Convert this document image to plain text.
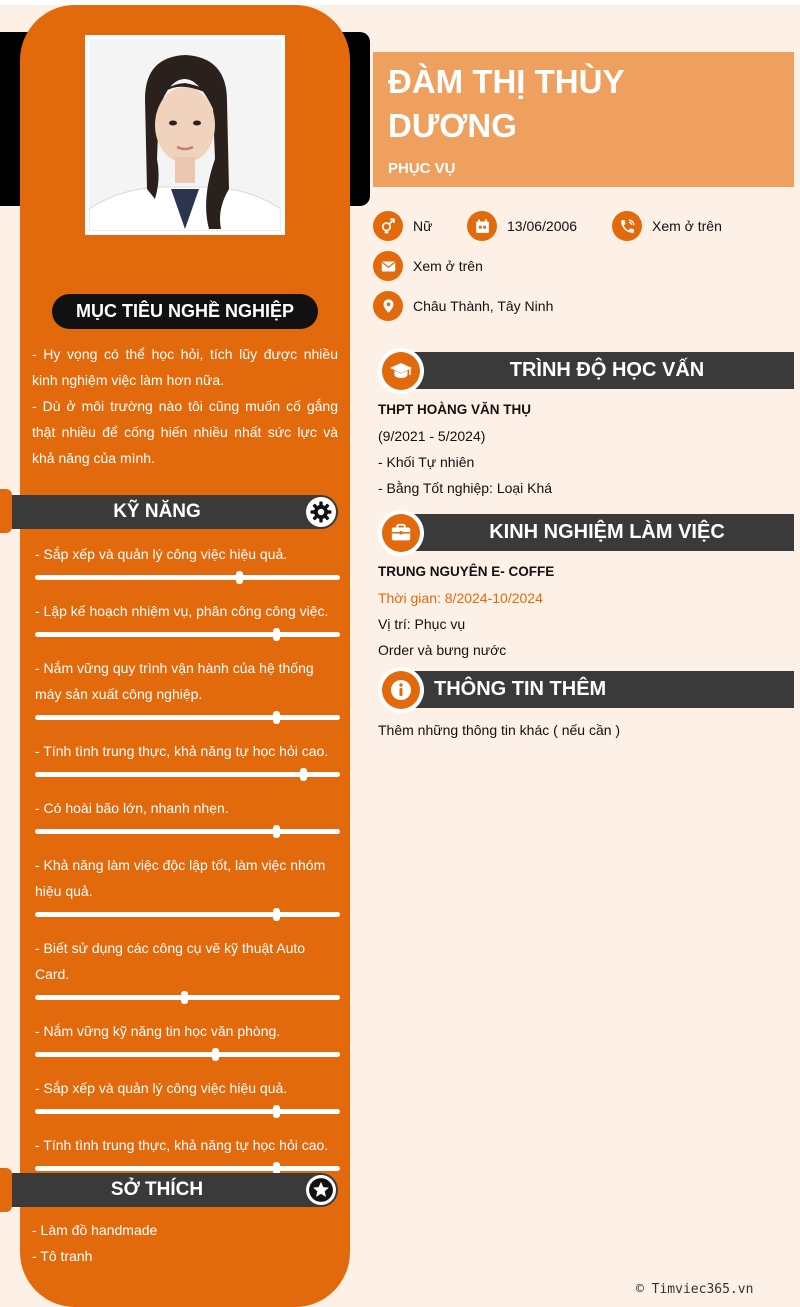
MỤC TIÊU NGHỀ NGHIỆP
- Hy vọng có thể học hỏi, tích lũy được nhiều kinh nghiệm việc làm hơn nữa.
- Dù ở môi trường nào tôi cũng muốn cố gắng thật nhiều để cống hiến nhiều nhất sức lực và khả năng của mình.
- Sắp xếp và quản lý công việc hiệu quả.
- Lập kế hoạch nhiệm vụ, phân công công việc.
- Nắm vững quy trình vận hành của hệ thống máy sản xuất công nghiệp.
- Tính tình trung thực, khả năng tự học hỏi cao.
- Có hoài bão lớn, nhanh nhẹn.
- Khả năng làm việc độc lập tốt, làm việc nhóm hiệu quả.
- Biết sử dụng các công cụ vẽ kỹ thuật Auto Card.
- Nắm vững kỹ năng tin học văn phòng.
- Sắp xếp và quản lý công việc hiệu quả.
- Tính tình trung thực, khả năng tự học hỏi cao.
- Làm đồ handmade
- Tô tranh
KỸ NĂNG
SỞ THÍCH
ĐÀM THỊ THÙY DƯƠNG
PHỤC VỤ
Nữ	13/06/2006	Xem ở trên
Xem ở trên
Châu Thành, Tây Ninh
TRÌNH ĐỘ HỌC VẤN
THPT HOÀNG VĂN THỤ
(9/2021 - 5/2024)
- Khối Tự nhiên
- Bằng Tốt nghiệp: Loại Khá
KINH NGHIỆM LÀM VIỆC
TRUNG NGUYÊN E- COFFE
Thời gian: 8/2024-10/2024
Vị trí: Phục vụ
Order và bưng nước
THÔNG TIN THÊM
Thêm những thông tin khác ( nếu cần )
© Timviec365.vn
